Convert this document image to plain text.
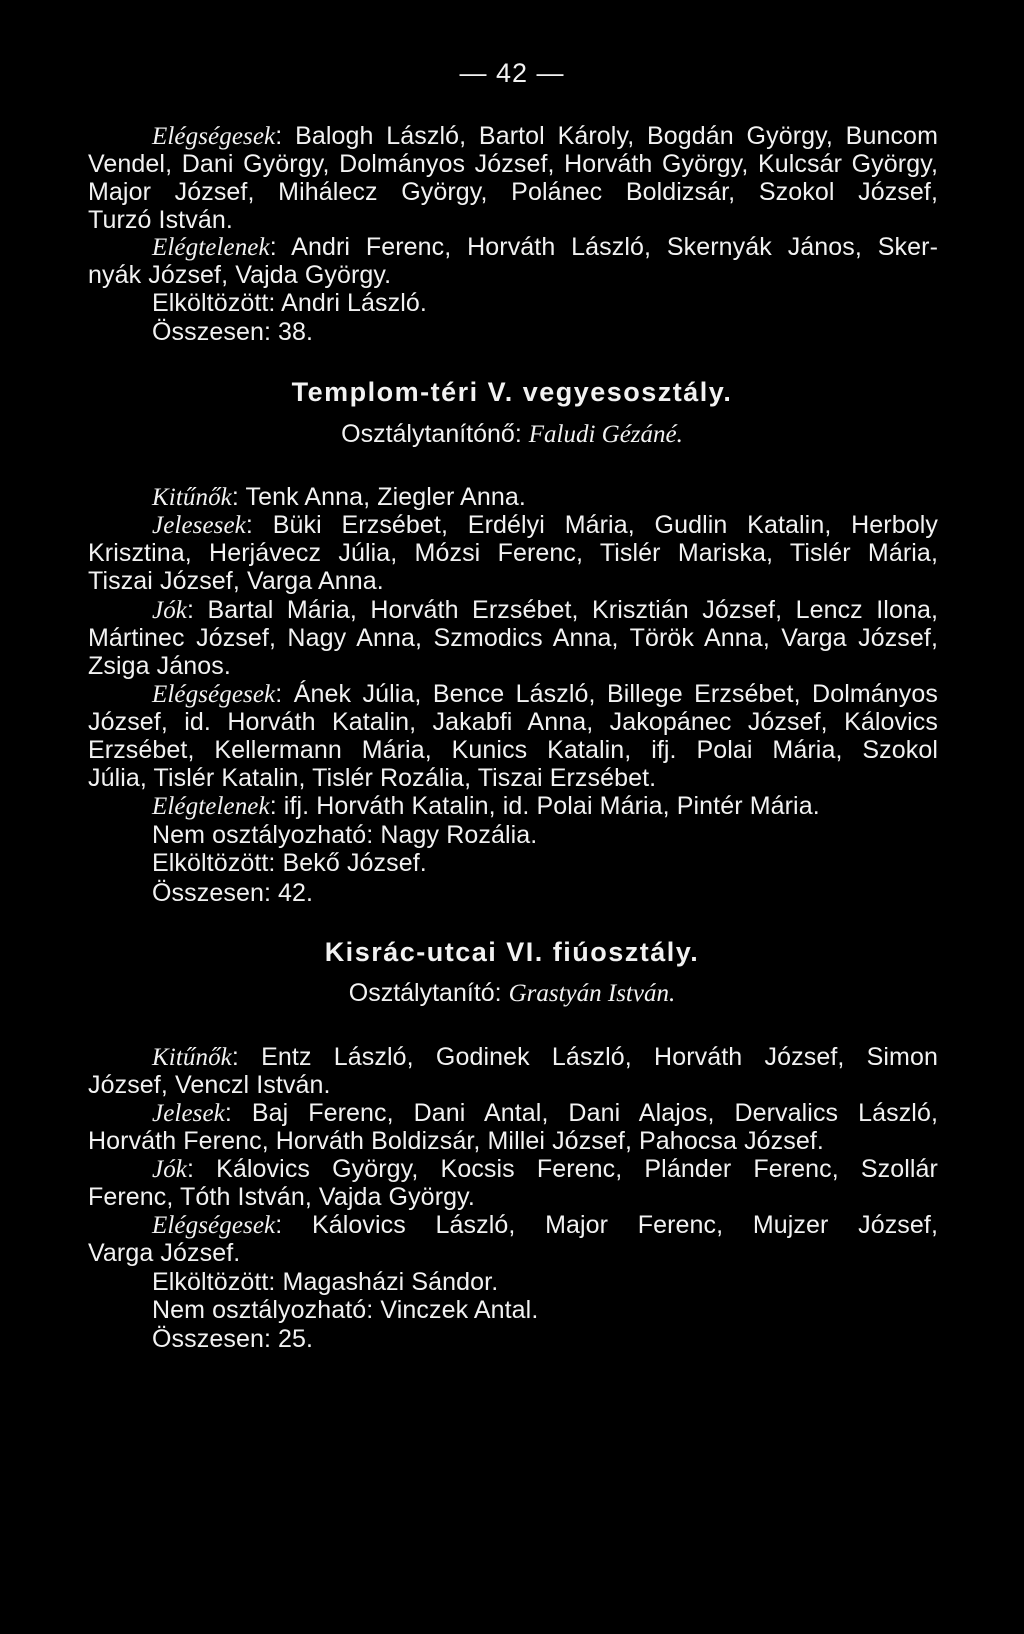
— 42 —
Elégségesek: Balogh László, Bartol Károly, Bogdán György, Buncom
Vendel, Dani György, Dolmányos József, Horváth György, Kulcsár György,
Major József, Mihálecz György, Polánec Boldizsár, Szokol József,
Turzó István.
Elégtelenek: Andri Ferenc, Horváth László, Skernyák János, Sker-
nyák József, Vajda György.
Elköltözött: Andri László.
Összesen: 38.
Templom-téri V. vegyesosztály.
Osztálytanítónő: Faludi Gézáné.
Kitűnők: Tenk Anna, Ziegler Anna.
Jelesesek: Büki Erzsébet, Erdélyi Mária, Gudlin Katalin, Herboly
Krisztina, Herjávecz Júlia, Mózsi Ferenc, Tislér Mariska, Tislér Mária,
Tiszai József, Varga Anna.
Jók: Bartal Mária, Horváth Erzsébet, Krisztián József, Lencz Ilona,
Mártinec József, Nagy Anna, Szmodics Anna, Török Anna, Varga József,
Zsiga János.
Elégségesek: Ánek Júlia, Bence László, Billege Erzsébet, Dolmányos
József, id. Horváth Katalin, Jakabfi Anna, Jakopánec József, Kálovics
Erzsébet, Kellermann Mária, Kunics Katalin, ifj. Polai Mária, Szokol
Júlia, Tislér Katalin, Tislér Rozália, Tiszai Erzsébet.
Elégtelenek: ifj. Horváth Katalin, id. Polai Mária, Pintér Mária.
Nem osztályozható: Nagy Rozália.
Elköltözött: Bekő József.
Összesen: 42.
Kisrác-utcai VI. fiúosztály.
Osztálytanító: Grastyán István.
Kitűnők: Entz László, Godinek László, Horváth József, Simon
József, Venczl István.
Jelesek: Baj Ferenc, Dani Antal, Dani Alajos, Dervalics László,
Horváth Ferenc, Horváth Boldizsár, Millei József, Pahocsa József.
Jók: Kálovics György, Kocsis Ferenc, Plánder Ferenc, Szollár
Ferenc, Tóth István, Vajda György.
Elégségesek: Kálovics László, Major Ferenc, Mujzer József,
Varga József.
Elköltözött: Magasházi Sándor.
Nem osztályozható: Vinczek Antal.
Összesen: 25.
